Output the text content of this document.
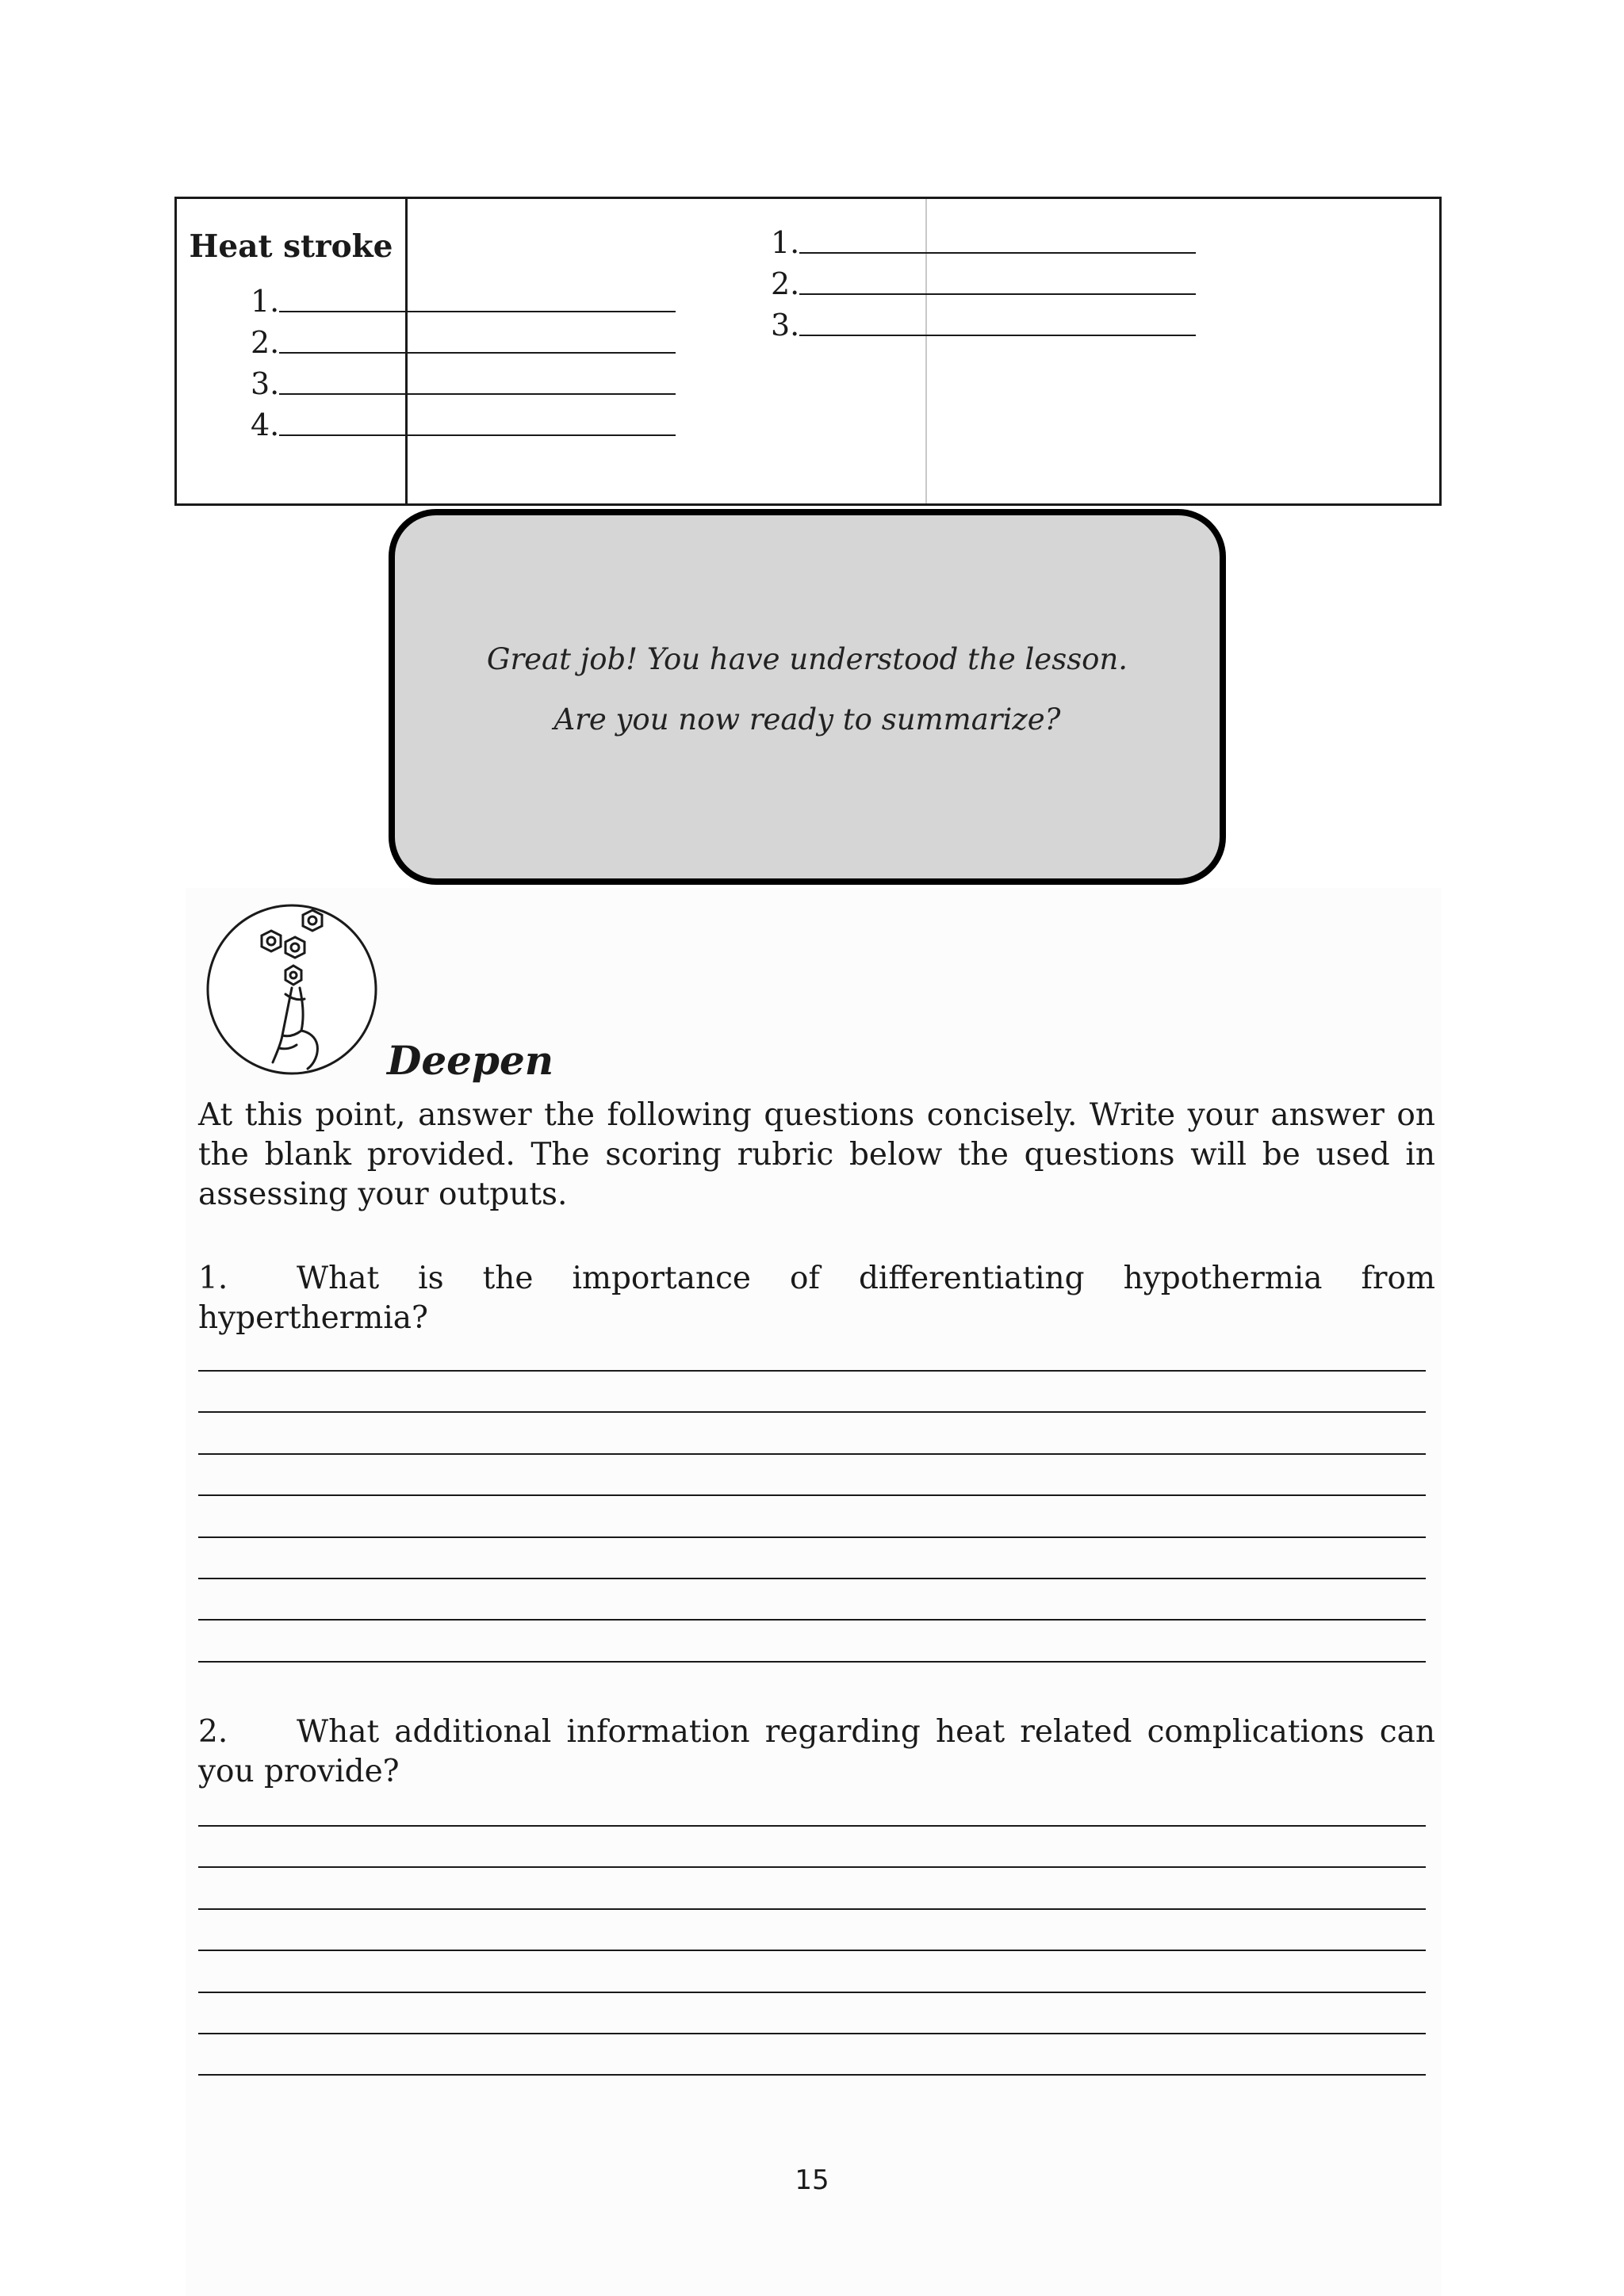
Heat stroke
1.
2.
3.
4.
1.
2.
3.

Great job! You have understood the lesson.

Are you now ready to summarize?

Deepen

At this point, answer the following questions concisely. Write your answer on the blank provided. The scoring rubric below the questions will be used in assessing your outputs.

1. What is the importance of differentiating hypothermia from hyperthermia?

2. What additional information regarding heat related complications can you provide?

15
